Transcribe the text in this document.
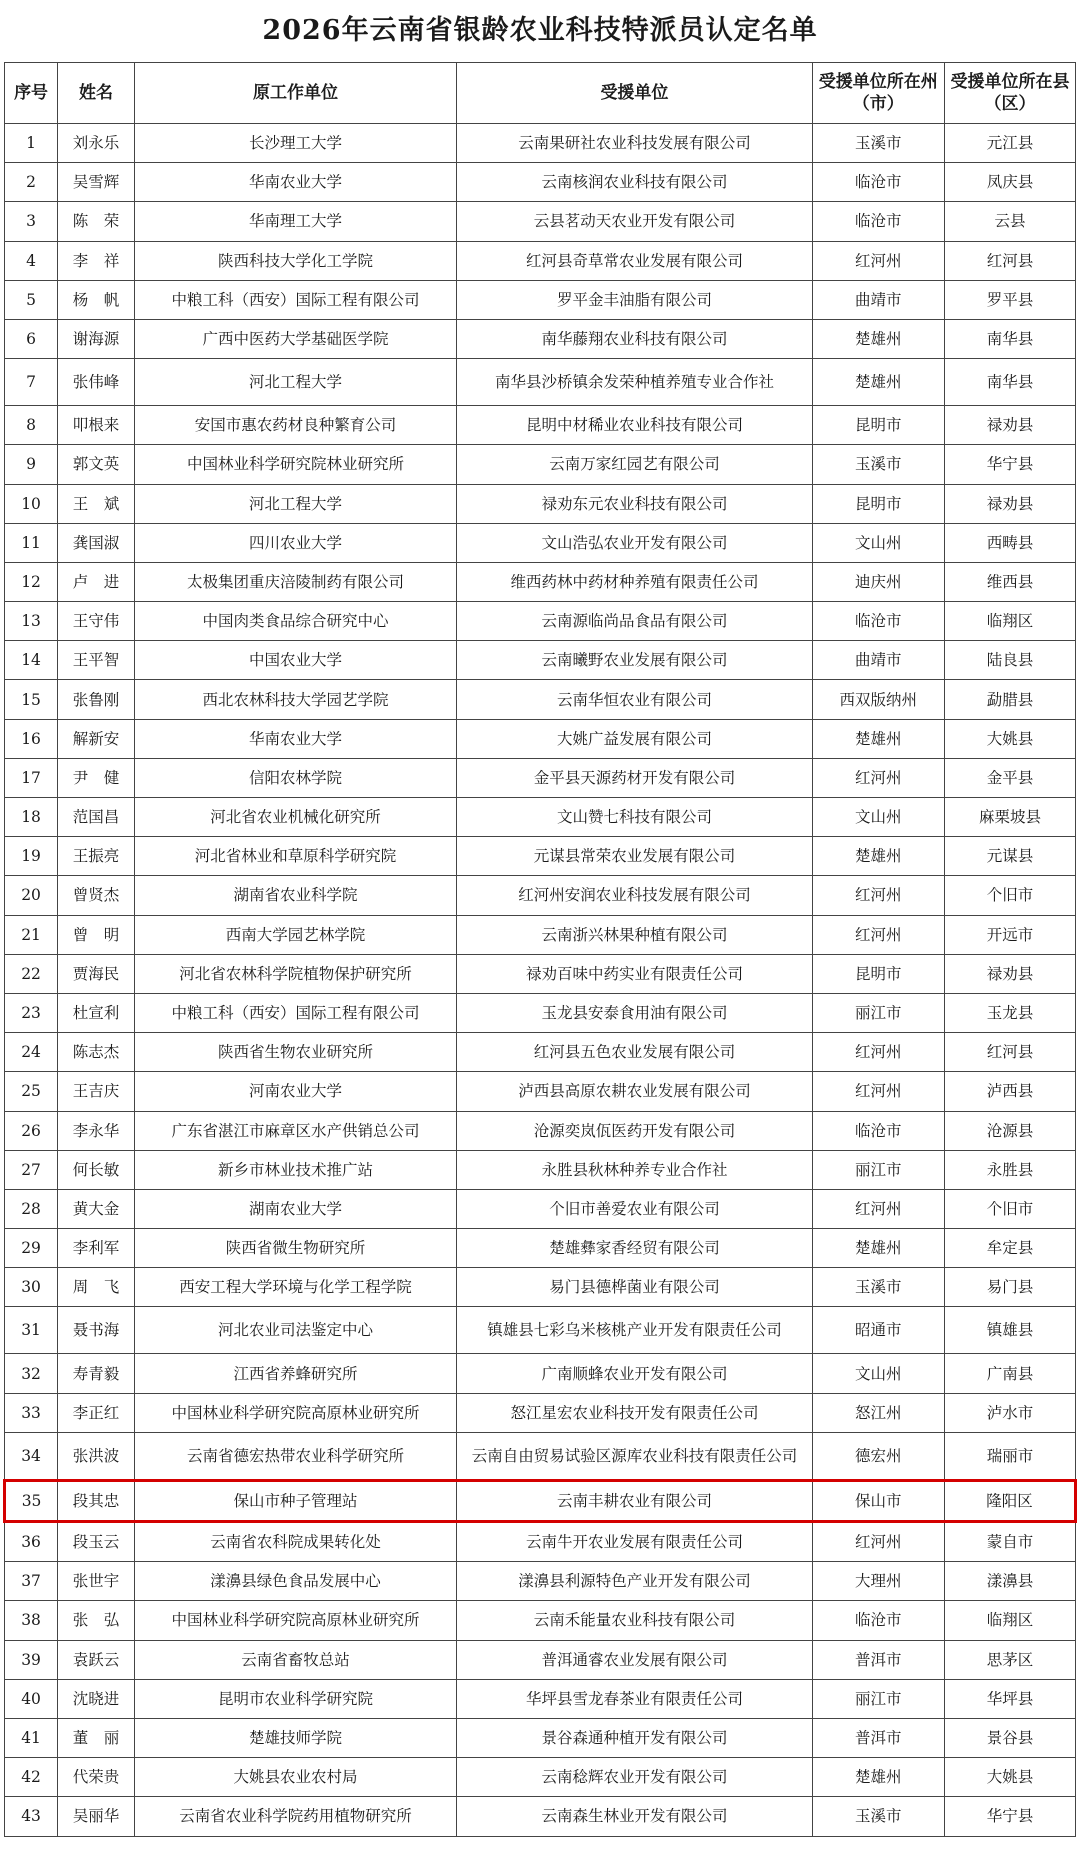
2026年云南省银龄农业科技特派员认定名单
序号	姓名	原工作单位	受援单位	受援单位所在州（市）	受援单位所在县（区）
1	刘永乐	长沙理工大学	云南果研社农业科技发展有限公司	玉溪市	元江县
2	吴雪辉	华南农业大学	云南核润农业科技有限公司	临沧市	凤庆县
3	陈　荣	华南理工大学	云县茗动天农业开发有限公司	临沧市	云县
4	李　祥	陕西科技大学化工学院	红河县奇草常农业发展有限公司	红河州	红河县
5	杨　帆	中粮工科（西安）国际工程有限公司	罗平金丰油脂有限公司	曲靖市	罗平县
6	谢海源	广西中医药大学基础医学院	南华藤翔农业科技有限公司	楚雄州	南华县
7	张伟峰	河北工程大学	南华县沙桥镇余发荣种植养殖专业合作社	楚雄州	南华县
8	叩根来	安国市惠农药材良种繁育公司	昆明中材稀业农业科技有限公司	昆明市	禄劝县
9	郭文英	中国林业科学研究院林业研究所	云南万家红园艺有限公司	玉溪市	华宁县
10	王　斌	河北工程大学	禄劝东元农业科技有限公司	昆明市	禄劝县
11	龚国淑	四川农业大学	文山浩弘农业开发有限公司	文山州	西畴县
12	卢　进	太极集团重庆涪陵制药有限公司	维西药林中药材种养殖有限责任公司	迪庆州	维西县
13	王守伟	中国肉类食品综合研究中心	云南源临尚品食品有限公司	临沧市	临翔区
14	王平智	中国农业大学	云南曦野农业发展有限公司	曲靖市	陆良县
15	张鲁刚	西北农林科技大学园艺学院	云南华恒农业有限公司	西双版纳州	勐腊县
16	解新安	华南农业大学	大姚广益发展有限公司	楚雄州	大姚县
17	尹　健	信阳农林学院	金平县天源药材开发有限公司	红河州	金平县
18	范国昌	河北省农业机械化研究所	文山赞七科技有限公司	文山州	麻栗坡县
19	王振亮	河北省林业和草原科学研究院	元谋县常荣农业发展有限公司	楚雄州	元谋县
20	曾贤杰	湖南省农业科学院	红河州安润农业科技发展有限公司	红河州	个旧市
21	曾　明	西南大学园艺林学院	云南浙兴林果种植有限公司	红河州	开远市
22	贾海民	河北省农林科学院植物保护研究所	禄劝百味中药实业有限责任公司	昆明市	禄劝县
23	杜宣利	中粮工科（西安）国际工程有限公司	玉龙县安泰食用油有限公司	丽江市	玉龙县
24	陈志杰	陕西省生物农业研究所	红河县五色农业发展有限公司	红河州	红河县
25	王吉庆	河南农业大学	泸西县高原农耕农业发展有限公司	红河州	泸西县
26	李永华	广东省湛江市麻章区水产供销总公司	沧源奕岚佤医药开发有限公司	临沧市	沧源县
27	何长敏	新乡市林业技术推广站	永胜县秋林种养专业合作社	丽江市	永胜县
28	黄大金	湖南农业大学	个旧市善爱农业有限公司	红河州	个旧市
29	李利军	陕西省微生物研究所	楚雄彝家香经贸有限公司	楚雄州	牟定县
30	周　飞	西安工程大学环境与化学工程学院	易门县德桦菌业有限公司	玉溪市	易门县
31	聂书海	河北农业司法鉴定中心	镇雄县七彩乌米核桃产业开发有限责任公司	昭通市	镇雄县
32	寿青毅	江西省养蜂研究所	广南顺蜂农业开发有限公司	文山州	广南县
33	李正红	中国林业科学研究院高原林业研究所	怒江星宏农业科技开发有限责任公司	怒江州	泸水市
34	张洪波	云南省德宏热带农业科学研究所	云南自由贸易试验区源库农业科技有限责任公司	德宏州	瑞丽市
35	段其忠	保山市种子管理站	云南丰耕农业有限公司	保山市	隆阳区
36	段玉云	云南省农科院成果转化处	云南牛开农业发展有限责任公司	红河州	蒙自市
37	张世宇	漾濞县绿色食品发展中心	漾濞县利源特色产业开发有限公司	大理州	漾濞县
38	张　弘	中国林业科学研究院高原林业研究所	云南禾能量农业科技有限公司	临沧市	临翔区
39	袁跃云	云南省畜牧总站	普洱通睿农业发展有限公司	普洱市	思茅区
40	沈晓进	昆明市农业科学研究院	华坪县雪龙春茶业有限责任公司	丽江市	华坪县
41	董　丽	楚雄技师学院	景谷森通种植开发有限公司	普洱市	景谷县
42	代荣贵	大姚县农业农村局	云南稔辉农业开发有限公司	楚雄州	大姚县
43	吴丽华	云南省农业科学院药用植物研究所	云南森生林业开发有限公司	玉溪市	华宁县
